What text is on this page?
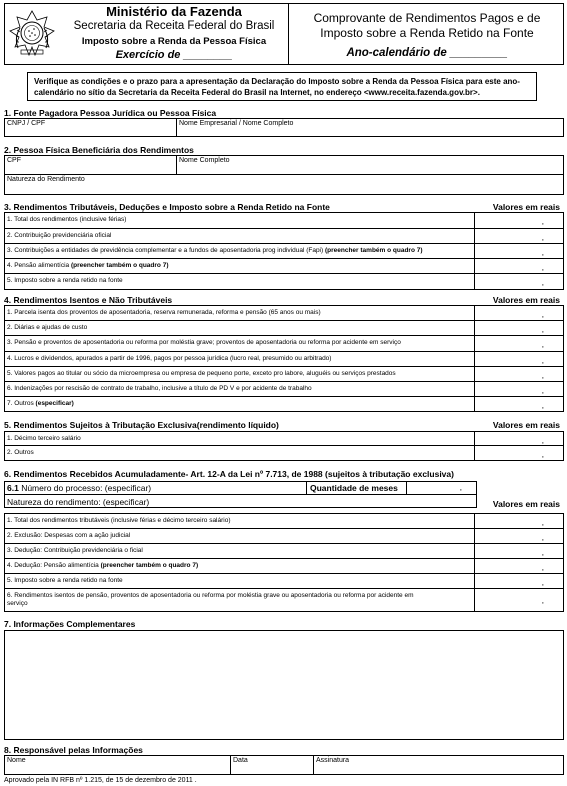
Ministério da Fazenda
Secretaria da Receita Federal do Brasil
Imposto sobre a Renda da Pessoa Física
Exercício de ________
Comprovante de Rendimentos Pagos e de Imposto sobre a Renda Retido na Fonte
Ano-calendário de _________
Verifique as condições e o prazo para a apresentação da Declaração do Imposto sobre a Renda da Pessoa Física para este ano-calendário no sítio da Secretaria da Receita Federal do Brasil na Internet, no endereço <www.receita.fazenda.gov.br>.
1. Fonte Pagadora Pessoa Jurídica ou Pessoa Física
CNPJ / CPF	Nome Empresarial / Nome Completo
2. Pessoa Física Beneficiária dos Rendimentos
CPF	Nome Completo
Natureza do Rendimento
3. Rendimentos Tributáveis, Deduções e Imposto sobre a Renda Retido na Fonte	Valores em reais
1. Total dos rendimentos (inclusive férias)	,
2. Contribuição previdenciária oficial	,
3. Contribuições a entidades de previdência complementar e a fundos de aposentadoria prog individual (Fapi) (preencher também o quadro 7)	,
4. Pensão alimentícia (preencher também o quadro 7)	,
5. Imposto sobre a renda retido na fonte	,
4. Rendimentos Isentos e Não Tributáveis	Valores em reais
1. Parcela isenta dos proventos de aposentadoria, reserva remunerada, reforma e pensão (65 anos ou mais)	,
2. Diárias e ajudas de custo	,
3. Pensão e proventos de aposentadoria ou reforma por moléstia grave; proventos de aposentadoria ou reforma por acidente em serviço	,
4. Lucros e dividendos, apurados a partir de 1996, pagos por pessoa jurídica (lucro real, presumido ou arbitrado)	,
5. Valores pagos ao titular ou sócio da microempresa ou empresa de pequeno porte, exceto pro labore, aluguéis ou serviços prestados	,
6. Indenizações por rescisão de contrato de trabalho, inclusive a título de PD V e por acidente de trabalho	,
7. Outros (especificar)	,
5. Rendimentos Sujeitos à Tributação Exclusiva(rendimento líquido)	Valores em reais
1. Décimo terceiro salário	,
2. Outros	,
6. Rendimentos Recebidos Acumuladamente- Art. 12-A da Lei nº 7.713, de 1988 (sujeitos à tributação exclusiva)
6.1 Número do processo: (especificar)	Quantidade de meses	,
Natureza do rendimento: (especificar)	Valores em reais
1. Total dos rendimentos tributáveis (inclusive férias e décimo terceiro salário)	,
2. Exclusão: Despesas com a ação judicial	,
3. Dedução: Contribuição previdenciária o ficial	,
4. Dedução: Pensão alimentícia (preencher também o quadro 7)	,
5. Imposto sobre a renda retido na fonte	,
6. Rendimentos isentos de pensão, proventos de aposentadoria ou reforma por moléstia grave ou aposentadoria ou reforma por acidente em
serviço	,
7. Informações Complementares
8. Responsável pelas Informações
Nome	Data	Assinatura
Aprovado pela IN RFB nº 1.215, de 15 de dezembro de 2011 .
